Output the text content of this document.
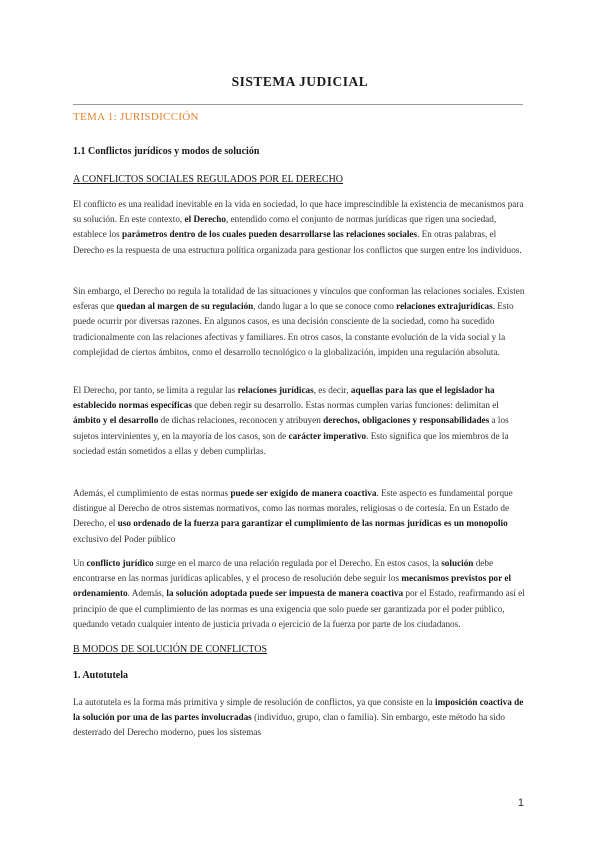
SISTEMA JUDICIAL
TEMA 1: JURISDICCIÓN
1.1 Conflictos jurídicos y modos de solución
A CONFLICTOS SOCIALES REGULADOS POR EL DERECHO

El conflicto es una realidad inevitable en la vida en sociedad, lo que hace imprescindible la existencia de mecanismos para su solución. En este contexto, el Derecho, entendido como el conjunto de normas jurídicas que rigen una sociedad, establece los parámetros dentro de los cuales pueden desarrollarse las relaciones sociales. En otras palabras, el Derecho es la respuesta de una estructura política organizada para gestionar los conflictos que surgen entre los individuos.

Sin embargo, el Derecho no regula la totalidad de las situaciones y vínculos que conforman las relaciones sociales. Existen esferas que quedan al margen de su regulación, dando lugar a lo que se conoce como relaciones extrajurídicas. Esto puede ocurrir por diversas razones. En algunos casos, es una decisión consciente de la sociedad, como ha sucedido tradicionalmente con las relaciones afectivas y familiares. En otros casos, la constante evolución de la vida social y la complejidad de ciertos ámbitos, como el desarrollo tecnológico o la globalización, impiden una regulación absoluta.

El Derecho, por tanto, se limita a regular las relaciones jurídicas, es decir, aquellas para las que el legislador ha establecido normas específicas que deben regir su desarrollo. Estas normas cumplen varias funciones: delimitan el ámbito y el desarrollo de dichas relaciones, reconocen y atribuyen derechos, obligaciones y responsabilidades a los sujetos intervinientes y, en la mayoría de los casos, son de carácter imperativo. Esto significa que los miembros de la sociedad están sometidos a ellas y deben cumplirlas.

Además, el cumplimiento de estas normas puede ser exigido de manera coactiva. Este aspecto es fundamental porque distingue al Derecho de otros sistemas normativos, como las normas morales, religiosas o de cortesía. En un Estado de Derecho, el uso ordenado de la fuerza para garantizar el cumplimiento de las normas jurídicas es un monopolio exclusivo del Poder público

Un conflicto jurídico surge en el marco de una relación regulada por el Derecho. En estos casos, la solución debe encontrarse en las normas jurídicas aplicables, y el proceso de resolución debe seguir los mecanismos previstos por el ordenamiento. Además, la solución adoptada puede ser impuesta de manera coactiva por el Estado, reafirmando así el principio de que el cumplimiento de las normas es una exigencia que solo puede ser garantizada por el poder público, quedando vetado cualquier intento de justicia privada o ejercicio de la fuerza por parte de los ciudadanos.

B MODOS DE SOLUCIÓN DE CONFLICTOS
1. Autotutela

La autotutela es la forma más primitiva y simple de resolución de conflictos, ya que consiste en la imposición coactiva de la solución por una de las partes involucradas (individuo, grupo, clan o familia). Sin embargo, este método ha sido desterrado del Derecho moderno, pues los sistemas

1
